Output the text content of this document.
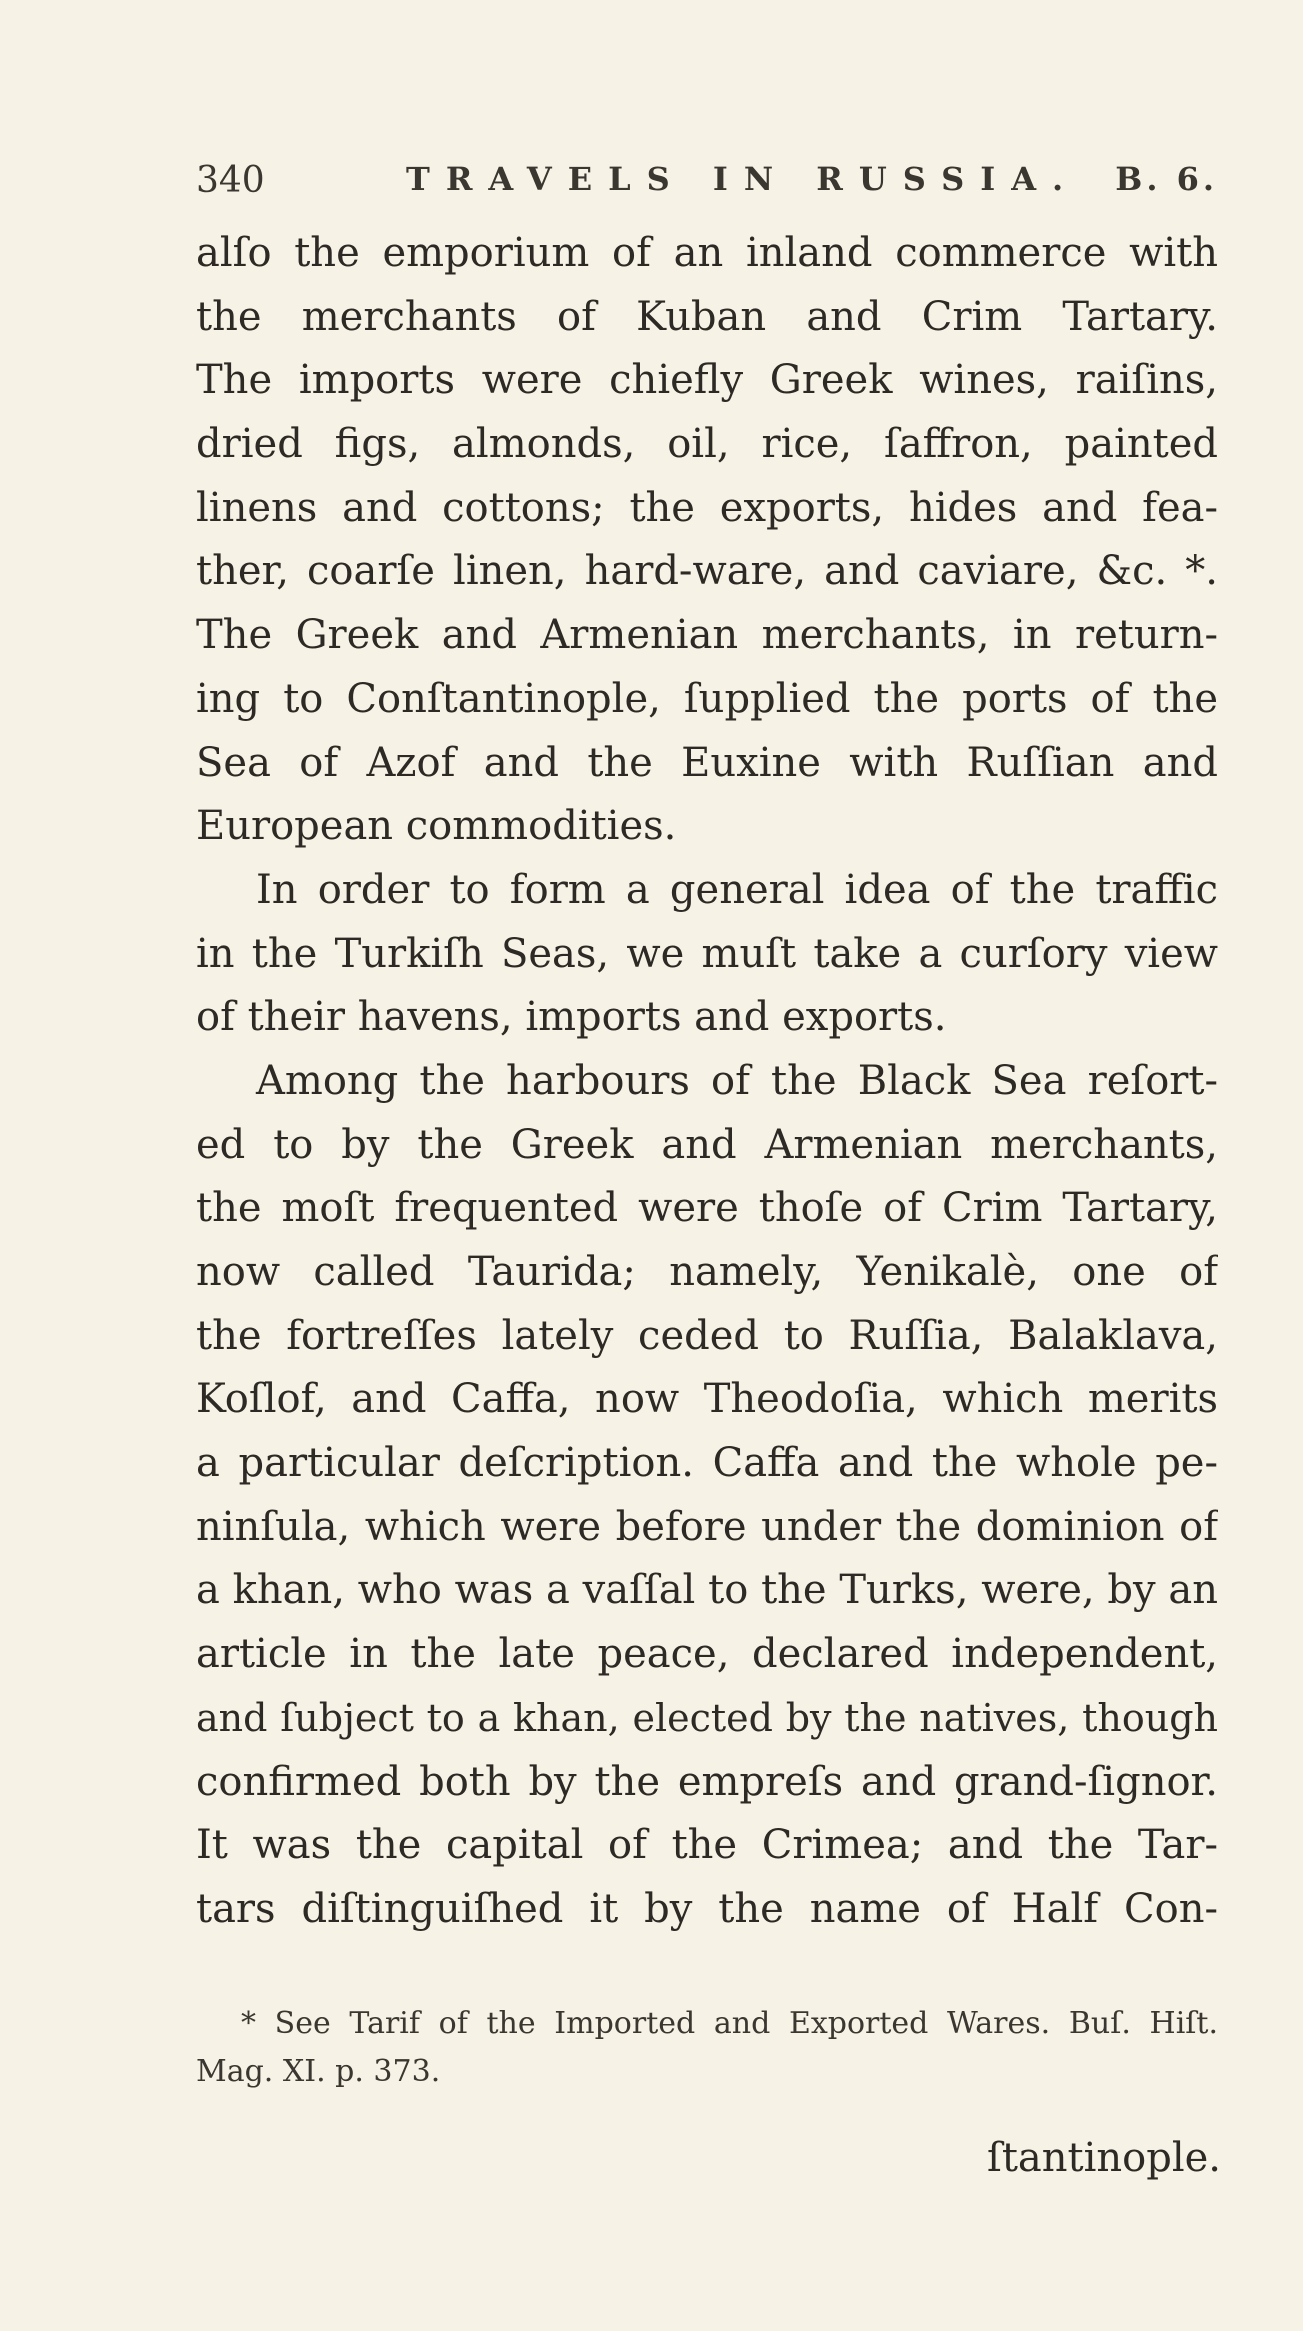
340	TRAVELS IN RUSSIA. B. 6.
alſo the emporium of an inland commerce with
the merchants of Kuban and Crim Tartary.
The imports were chiefly Greek wines, raiſins,
dried figs, almonds, oil, rice, ſaffron, painted
linens and cottons; the exports, hides and fea-
ther, coarſe linen, hard-ware, and caviare, &c. *.
The Greek and Armenian merchants, in return-
ing to Conſtantinople, ſupplied the ports of the
Sea of Azof and the Euxine with Ruſſian and
European commodities.
In order to form a general idea of the traffic
in the Turkiſh Seas, we muſt take a curſory view
of their havens, imports and exports.
Among the harbours of the Black Sea reſort-
ed to by the Greek and Armenian merchants,
the moſt frequented were thoſe of Crim Tartary,
now called Taurida; namely, Yenikalè, one of
the fortreſſes lately ceded to Ruſſia, Balaklava,
Koſlof, and Caffa, now Theodoſia, which merits
a particular deſcription. Caffa and the whole pe-
ninſula, which were before under the dominion of
a khan, who was a vaſſal to the Turks, were, by an
article in the late peace, declared independent,
and ſubject to a khan, elected by the natives, though
confirmed both by the empreſs and grand-ſignor.
It was the capital of the Crimea; and the Tar-
tars diſtinguiſhed it by the name of Half Con-
* See Tarif of the Imported and Exported Wares. Buſ. Hiſt.
Mag. XI. p. 373.
ſtantinople.
